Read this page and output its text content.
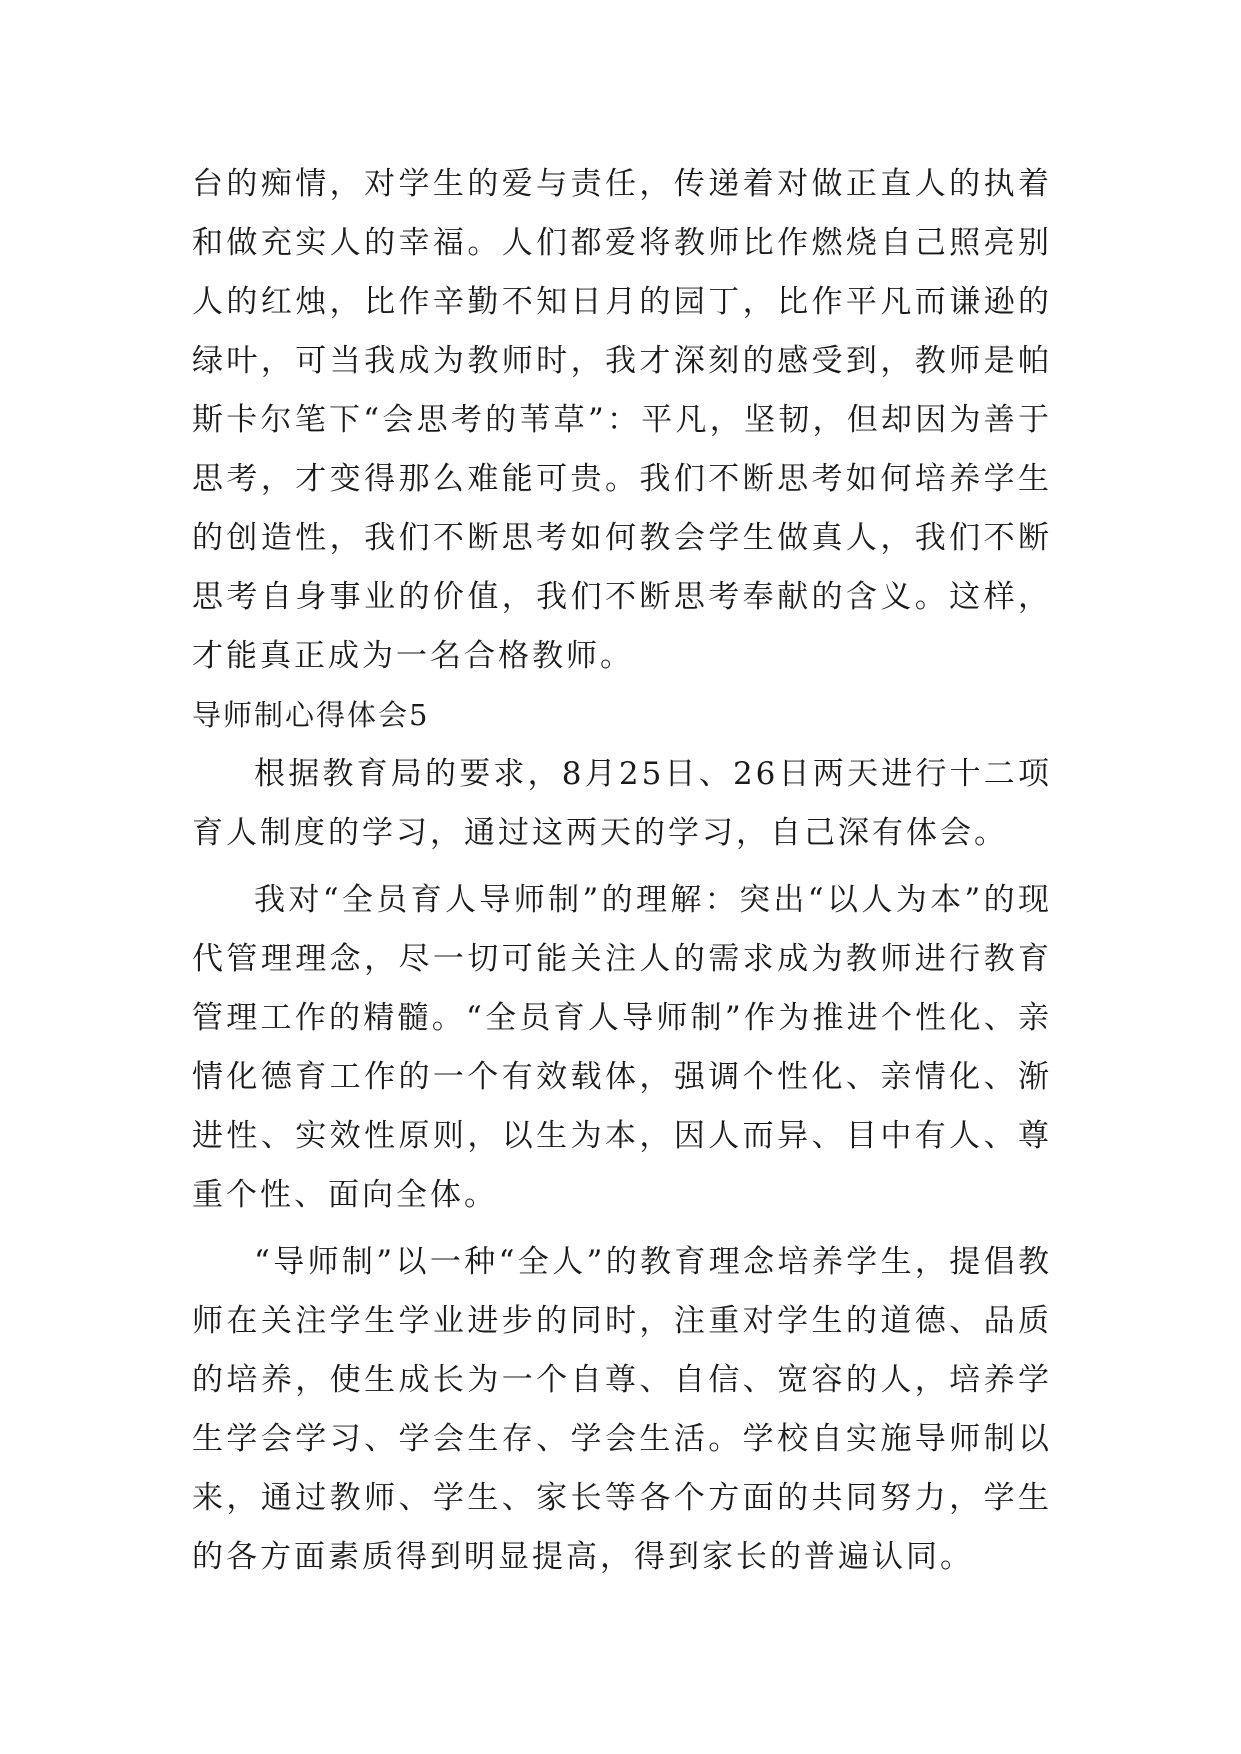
台的痴情，对学生的爱与责任，传递着对做正直人的执着和做充实人的幸福。人们都爱将教师比作燃烧自己照亮别人的红烛，比作辛勤不知日月的园丁，比作平凡而谦逊的绿叶，可当我成为教师时，我才深刻的感受到，教师是帕斯卡尔笔下“会思考的苇草”：平凡，坚韧，但却因为善于思考，才变得那么难能可贵。我们不断思考如何培养学生的创造性，我们不断思考如何教会学生做真人，我们不断思考自身事业的价值，我们不断思考奉献的含义。这样，才能真正成为一名合格教师。

导师制心得体会5

根据教育局的要求，8月25日、26日两天进行十二项育人制度的学习，通过这两天的学习，自己深有体会。

我对“全员育人导师制”的理解：突出“以人为本”的现代管理理念，尽一切可能关注人的需求成为教师进行教育管理工作的精髓。“全员育人导师制”作为推进个性化、亲情化德育工作的一个有效载体，强调个性化、亲情化、渐进性、实效性原则，以生为本，因人而异、目中有人、尊重个性、面向全体。

“导师制”以一种“全人”的教育理念培养学生，提倡教师在关注学生学业进步的同时，注重对学生的道德、品质的培养，使生成长为一个自尊、自信、宽容的人，培养学生学会学习、学会生存、学会生活。学校自实施导师制以来，通过教师、学生、家长等各个方面的共同努力，学生的各方面素质得到明显提高，得到家长的普遍认同。
